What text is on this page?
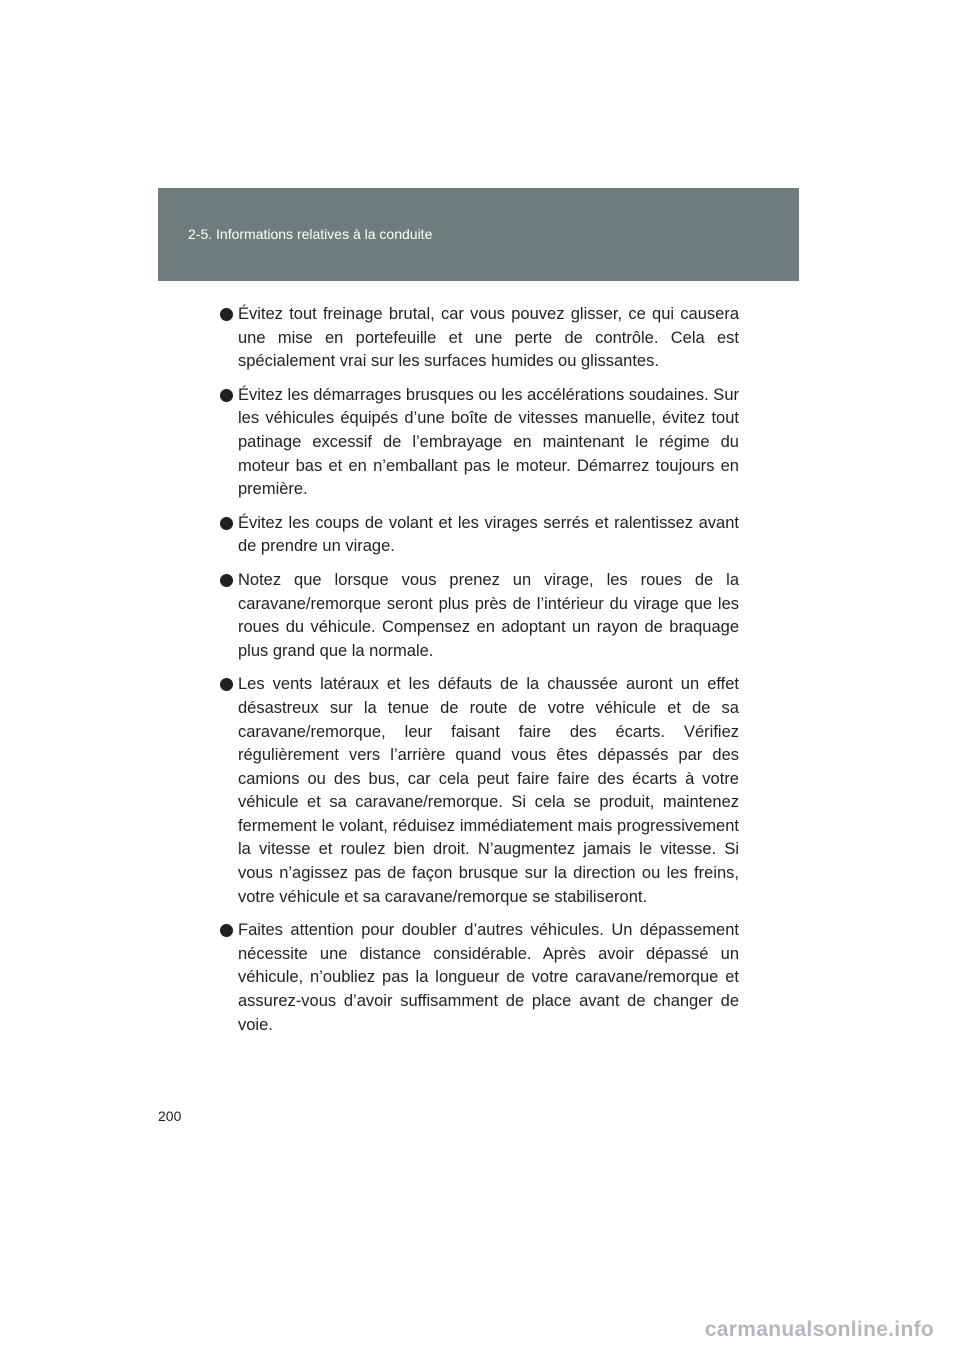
2-5. Informations relatives à la conduite
Évitez tout freinage brutal, car vous pouvez glisser, ce qui causera une mise en portefeuille et une perte de contrôle. Cela est spécialement vrai sur les surfaces humides ou glissantes.
Évitez les démarrages brusques ou les accélérations soudaines. Sur les véhicules équipés d’une boîte de vitesses manuelle, évitez tout patinage excessif de l’embrayage en maintenant le régime du moteur bas et en n’emballant pas le moteur. Démarrez toujours en première.
Évitez les coups de volant et les virages serrés et ralentissez avant de prendre un virage.
Notez que lorsque vous prenez un virage, les roues de la caravane/remorque seront plus près de l’intérieur du virage que les roues du véhicule. Compensez en adoptant un rayon de braquage plus grand que la normale.
Les vents latéraux et les défauts de la chaussée auront un effet désastreux sur la tenue de route de votre véhicule et de sa caravane/remorque, leur faisant faire des écarts. Vérifiez régulièrement vers l’arrière quand vous êtes dépassés par des camions ou des bus, car cela peut faire faire des écarts à votre véhicule et sa caravane/remorque. Si cela se produit, maintenez fermement le volant, réduisez immédiatement mais progressivement la vitesse et roulez bien droit. N’augmentez jamais le vitesse. Si vous n’agissez pas de façon brusque sur la direction ou les freins, votre véhicule et sa caravane/remorque se stabiliseront.
Faites attention pour doubler d’autres véhicules. Un dépassement nécessite une distance considérable. Après avoir dépassé un véhicule, n’oubliez pas la longueur de votre caravane/remorque et assurez-vous d’avoir suffisamment de place avant de changer de voie.
200
carmanualsonline.info
